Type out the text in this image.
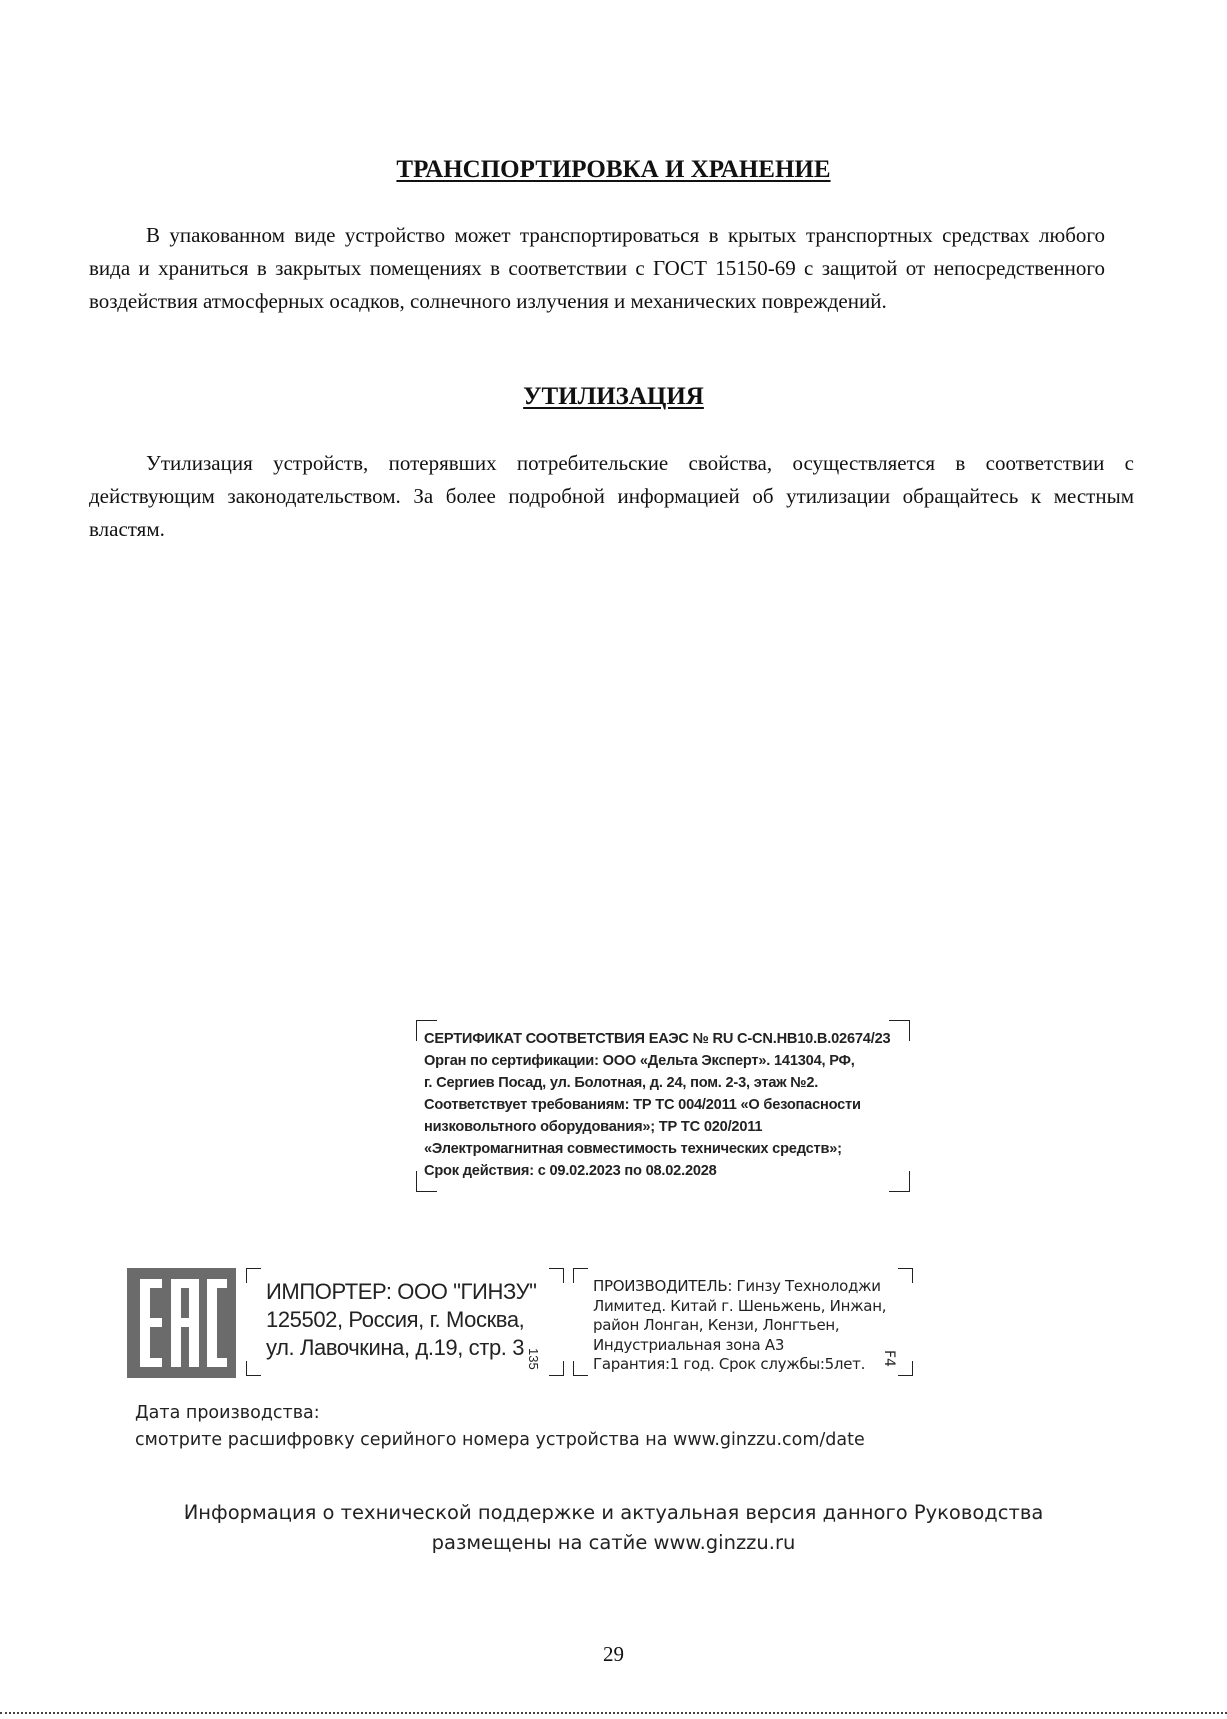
ТРАНСПОРТИРОВКА И ХРАНЕНИЕ

В упакованном виде устройство может транспортироваться в крытых транспортных средствах любого вида и храниться в закрытых помещениях в соответствии с ГОСТ 15150-69 с защитой от непосредственного воздействия атмосферных осадков, солнечного излучения и механических повреждений.

УТИЛИЗАЦИЯ

Утилизация устройств, потерявших потребительские свойства, осуществляется в соответствии с действующим законодательством. За более подробной информацией об утилизации обращайтесь к местным властям.

СЕРТИФИКАТ СООТВЕТСТВИЯ ЕАЭС № RU C-CN.НВ10.В.02674/23
Орган по сертификации: ООО «Дельта Эксперт». 141304, РФ,
г. Сергиев Посад, ул. Болотная, д. 24, пом. 2-3, этаж №2.
Соответствует требованиям: ТР ТС 004/2011 «О безопасности
низковольтного оборудования»; ТР ТС 020/2011
«Электромагнитная совместимость технических средств»;
Срок действия: с 09.02.2023 по 08.02.2028
ИМПОРТЕР: ООО "ГИНЗУ"
125502, Россия, г. Москва,
ул. Лавочкина, д.19, стр. 3 135
ПРОИЗВОДИТЕЛЬ: Гинзу Технолоджи
Лимитед. Китай г. Шеньжень, Инжан,
район Лонган, Кензи, Лонгтьен,
Индустриальная зона А3
Гарантия:1 год. Срок службы:5лет.	F4
Дата производства:
смотрите расшифровку серийного номера устройства на www.ginzzu.com/date
Информация о технической поддержке и актуальная версия данного Руководства
размещены на сатйе www.ginzzu.ru
29
